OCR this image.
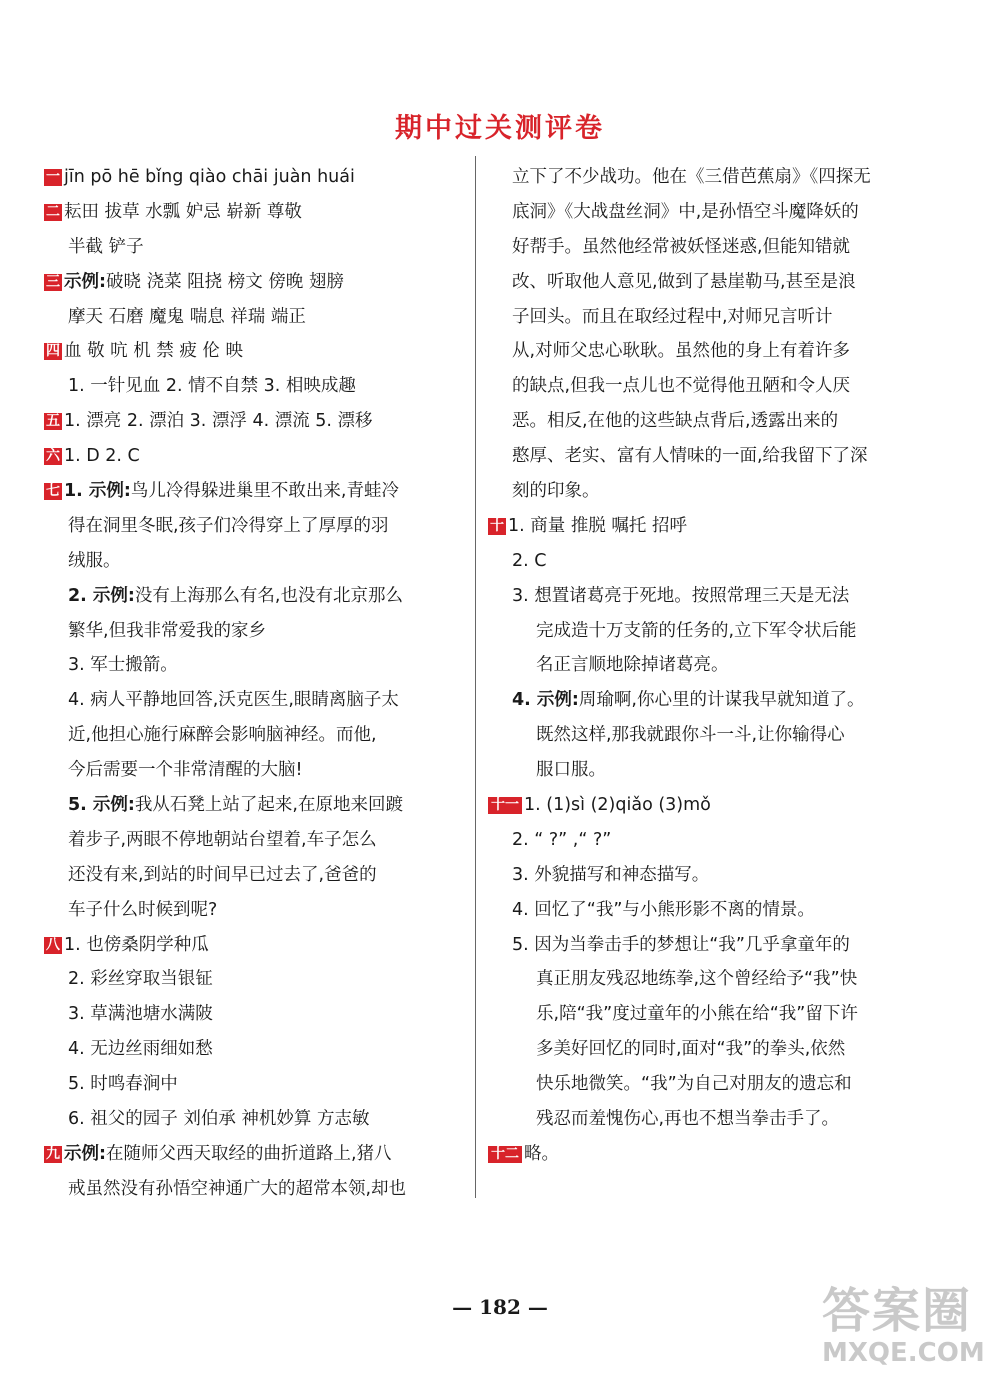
期中过关测评卷
一 jīn pō hē bǐng qiào chāi juàn huái
二 耘田 拔草 水瓢 妒忌 崭新 尊敬
半截 铲子
三 示例:破晓 浇菜 阻挠 榜文 傍晚 翅膀
摩天 石磨 魔鬼 喘息 祥瑞 端正
四 血 敬 吭 机 禁 疲 伦 映
1. 一针见血 2. 情不自禁 3. 相映成趣
五 1. 漂亮 2. 漂泊 3. 漂浮 4. 漂流 5. 漂移
六 1. D 2. C
七 1. 示例:鸟儿冷得躲进巢里不敢出来,青蛙冷
得在洞里冬眠,孩子们冷得穿上了厚厚的羽
绒服。
2. 示例:没有上海那么有名,也没有北京那么
繁华,但我非常爱我的家乡
3. 军士搬箭。
4. 病人平静地回答,沃克医生,眼睛离脑子太
近,他担心施行麻醉会影响脑神经。而他,
今后需要一个非常清醒的大脑!
5. 示例:我从石凳上站了起来,在原地来回踱
着步子,两眼不停地朝站台望着,车子怎么
还没有来,到站的时间早已过去了,爸爸的
车子什么时候到呢?
八 1. 也傍桑阴学种瓜
2. 彩丝穿取当银钲
3. 草满池塘水满陂
4. 无边丝雨细如愁
5. 时鸣春涧中
6. 祖父的园子 刘伯承 神机妙算 方志敏
九 示例:在随师父西天取经的曲折道路上,猪八
戒虽然没有孙悟空神通广大的超常本领,却也
立下了不少战功。他在《三借芭蕉扇》《四探无
底洞》《大战盘丝洞》中,是孙悟空斗魔降妖的
好帮手。虽然他经常被妖怪迷惑,但能知错就
改、听取他人意见,做到了悬崖勒马,甚至是浪
子回头。而且在取经过程中,对师兄言听计
从,对师父忠心耿耿。虽然他的身上有着许多
的缺点,但我一点儿也不觉得他丑陋和令人厌
恶。相反,在他的这些缺点背后,透露出来的
憨厚、老实、富有人情味的一面,给我留下了深
刻的印象。
十 1. 商量 推脱 嘱托 招呼
2. C
3. 想置诸葛亮于死地。按照常理三天是无法
完成造十万支箭的任务的,立下军令状后能
名正言顺地除掉诸葛亮。
4. 示例:周瑜啊,你心里的计谋我早就知道了。
既然这样,那我就跟你斗一斗,让你输得心
服口服。
十一 1. (1)sì (2)qiǎo (3)mǒ
2. “ ?” ,“ ?”
3. 外貌描写和神态描写。
4. 回忆了“我”与小熊形影不离的情景。
5. 因为当拳击手的梦想让“我”几乎拿童年的
真正朋友残忍地练拳,这个曾经给予“我”快
乐,陪“我”度过童年的小熊在给“我”留下许
多美好回忆的同时,面对“我”的拳头,依然
快乐地微笑。“我”为自己对朋友的遗忘和
残忍而羞愧伤心,再也不想当拳击手了。
十二 略。
— 182 —	答案圈
MXQE.COM
